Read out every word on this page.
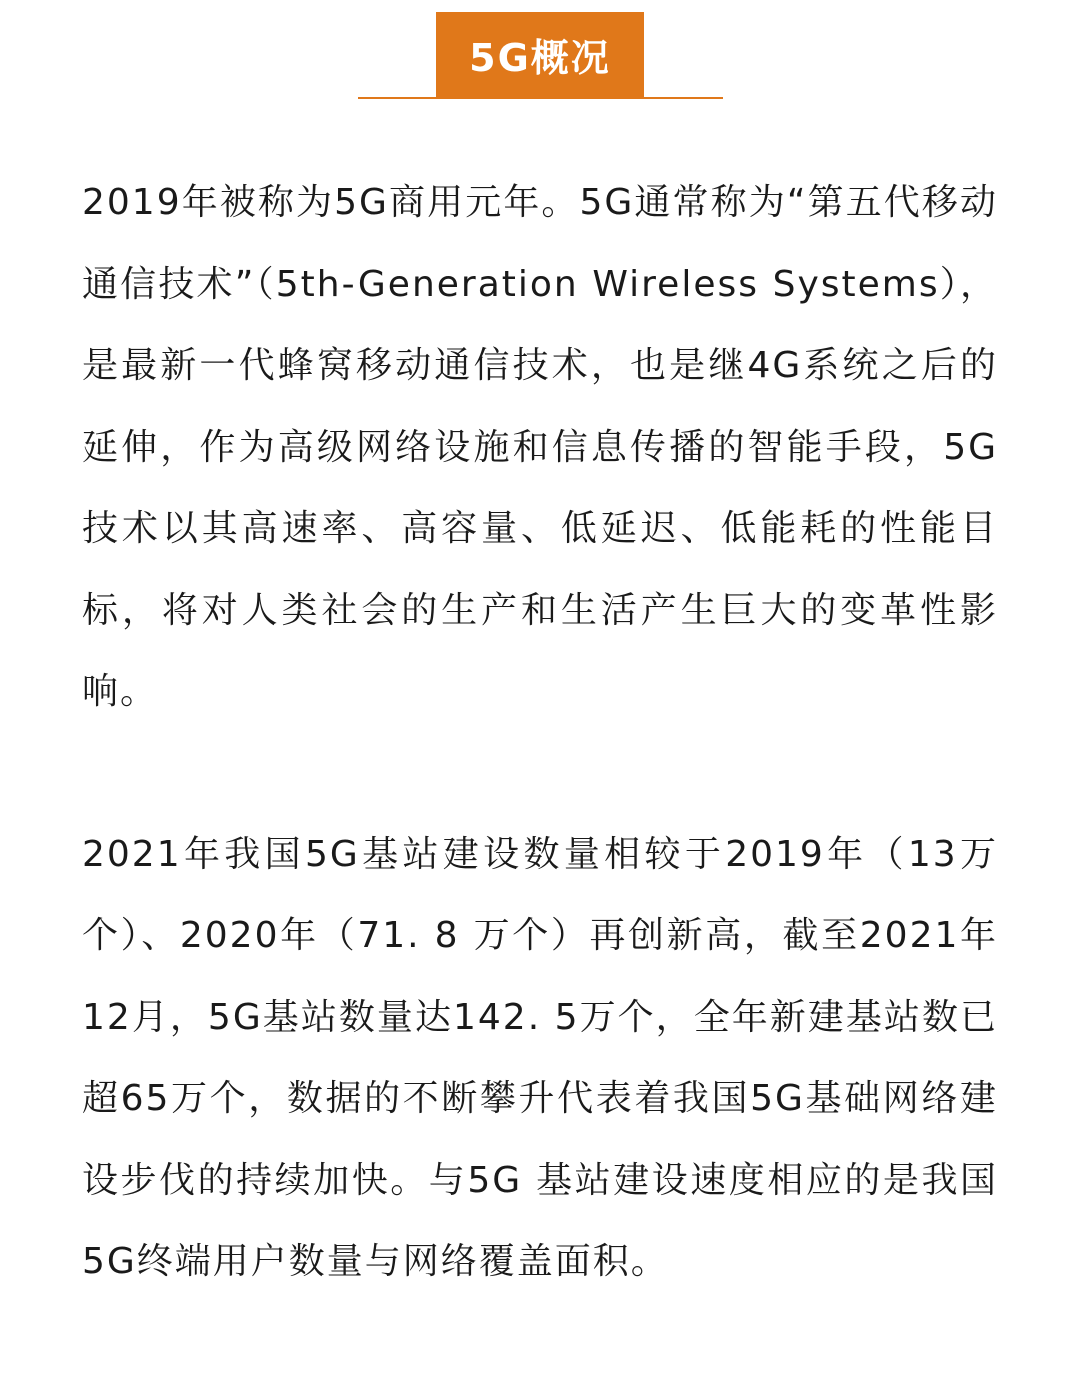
5G概况

2019年被称为5G商用元年。5G通常称为“第五代移动通信技术”（5th-Generation Wireless Systems），是最新一代蜂窝移动通信技术，也是继4G系统之后的延伸，作为高级网络设施和信息传播的智能手段，5G技术以其高速率、高容量、低延迟、低能耗的性能目标，将对人类社会的生产和生活产生巨大的变革性影响。

2021年我国5G基站建设数量相较于2019年（13万个）、2020年（71. 8 万个）再创新高，截至2021年12月，5G基站数量达142. 5万个，全年新建基站数已超65万个，数据的不断攀升代表着我国5G基础网络建设步伐的持续加快。与5G 基站建设速度相应的是我国5G终端用户数量与网络覆盖面积。
